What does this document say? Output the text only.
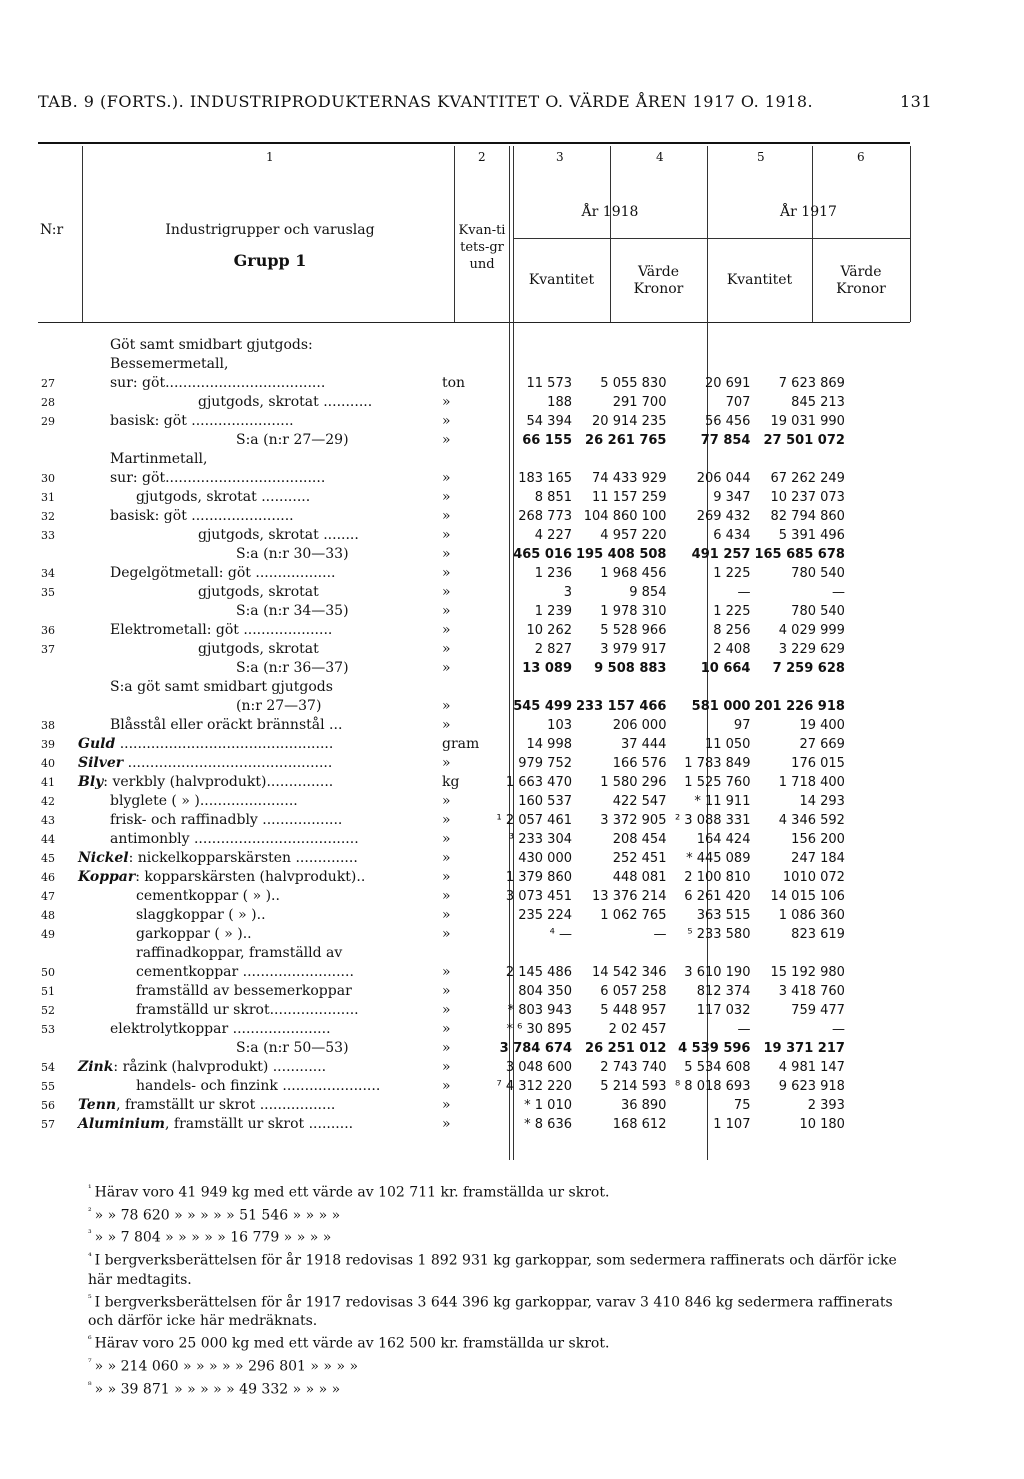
TAB. 9 (FORTS.). INDUSTRIPRODUKTERNAS KVANTITET O. VÄRDE ÅREN 1917 O. 1918.	131
1	2	3	4	5	6
N:r	Industrigrupper och varuslag
Grupp 1
Kvan-titets-grund
År 1918	År 1917
Kvantitet	Värde
Kronor
Kvantitet	Värde
Kronor
	Göt samt smidbart gjutgods:					
	Bessemermetall,					
27	sur: göt....................................	ton	11 573	5 055 830	20 691	7 623 869
28	gjutgods, skrotat ...........	»	188	291 700	707	845 213
29	basisk: göt .......................	»	54 394	20 914 235	56 456	19 031 990
	S:a (n:r 27—29)	»	66 155	26 261 765	77 854	27 501 072
	Martinmetall,					
30	sur: göt....................................	»	183 165	74 433 929	206 044	67 262 249
31	gjutgods, skrotat ...........	»	8 851	11 157 259	9 347	10 237 073
32	basisk: göt .......................	»	268 773	104 860 100	269 432	82 794 860
33	gjutgods, skrotat ........	»	4 227	4 957 220	6 434	5 391 496
	S:a (n:r 30—33)	»	465 016	195 408 508	491 257	165 685 678
34	Degelgötmetall: göt ..................	»	1 236	1 968 456	1 225	780 540
35	gjutgods, skrotat	»	3	9 854	—	—
	S:a (n:r 34—35)	»	1 239	1 978 310	1 225	780 540
36	Elektrometall: göt ....................	»	10 262	5 528 966	8 256	4 029 999
37	gjutgods, skrotat	»	2 827	3 979 917	2 408	3 229 629
	S:a (n:r 36—37)	»	13 089	9 508 883	10 664	7 259 628
	S:a göt samt smidbart gjutgods					
	(n:r 27—37)	»	545 499	233 157 466	581 000	201 226 918
38	Blåsstål eller oräckt brännstål ...	»	103	206 000	97	19 400
39	Guld ................................................	gram	14 998	37 444	11 050	27 669
40	Silver ..............................................	»	979 752	166 576	1 783 849	176 015
41	Bly: verkbly (halvprodukt)...............	kg	1 663 470	1 580 296	1 525 760	1 718 400
42	blyglete ( » )......................	»	160 537	422 547	* 11 911	14 293
43	frisk- och raffinadbly ..................	»	¹ 2 057 461	3 372 905	² 3 088 331	4 346 592
44	antimonbly .....................................	»	³ 233 304	208 454	164 424	156 200
45	Nickel: nickelkopparskärsten ..............	»	430 000	252 451	* 445 089	247 184
46	Koppar: kopparskärsten (halvprodukt)..	»	1 379 860	448 081	2 100 810	1010 072
47	cementkoppar ( » )..	»	3 073 451	13 376 214	6 261 420	14 015 106
48	slaggkoppar ( » )..	»	235 224	1 062 765	363 515	1 086 360
49	garkoppar ( » )..	»	⁴ —	—	⁵ 233 580	823 619
	raffinadkoppar, framställd av					
50	cementkoppar .........................	»	2 145 486	14 542 346	3 610 190	15 192 980
51	framställd av bessemerkoppar	»	804 350	6 057 258	812 374	3 418 760
52	framställd ur skrot....................	»	* 803 943	5 448 957	117 032	759 477
53	elektrolytkoppar ......................	»	* ⁶ 30 895	2 02 457	—	—
	S:a (n:r 50—53)	»	3 784 674	26 251 012	4 539 596	19 371 217
54	Zink: råzink (halvprodukt) ............	»	3 048 600	2 743 740	5 534 608	4 981 147
55	handels- och finzink ......................	»	⁷ 4 312 220	5 214 593	⁸ 8 018 693	9 623 918
56	Tenn, framställt ur skrot .................	»	* 1 010	36 890	75	2 393
57	Aluminium, framställt ur skrot ..........	»	* 8 636	168 612	1 107	10 180

$^{^1}$ Härav voro 41 949 kg med ett värde av 102 711 kr. framställda ur skrot.

$^{^2}$ » » 78 620 » » » » » 51 546 » » » »

$^{^3}$ » » 7 804 » » » » » 16 779 » » » »

$^{^4}$ I bergverksberättelsen för år 1918 redovisas 1 892 931 kg garkoppar, som sedermera raffinerats och därför icke här medtagits.

$^{^5}$ I bergverksberättelsen för år 1917 redovisas 3 644 396 kg garkoppar, varav 3 410 846 kg sedermera raffinerats och därför icke här medräknats.

$^{^6}$ Härav voro 25 000 kg med ett värde av 162 500 kr. framställda ur skrot.

$^{^7}$ » » 214 060 » » » » » 296 801 » » » »

$^{^8}$ » » 39 871 » » » » » 49 332 » » » »
